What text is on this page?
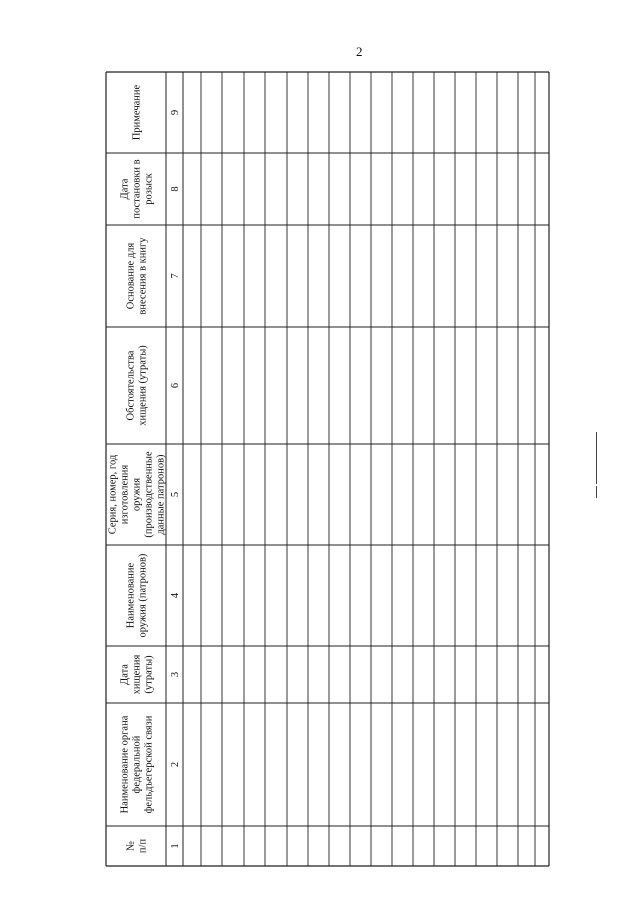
2
№ п/п 1
Наименование органа федеральной фельдъегерской связи 2
Дата хищения (утраты) 3
Наименование оружия (патронов) 4
Серия, номер, год изготовления оружия (производственные данные патронов) 5
Обстоятельства хищения (утраты) 6
Основание для внесения в книгу 7
Дата постановки в розыск 8
Примечание	9
